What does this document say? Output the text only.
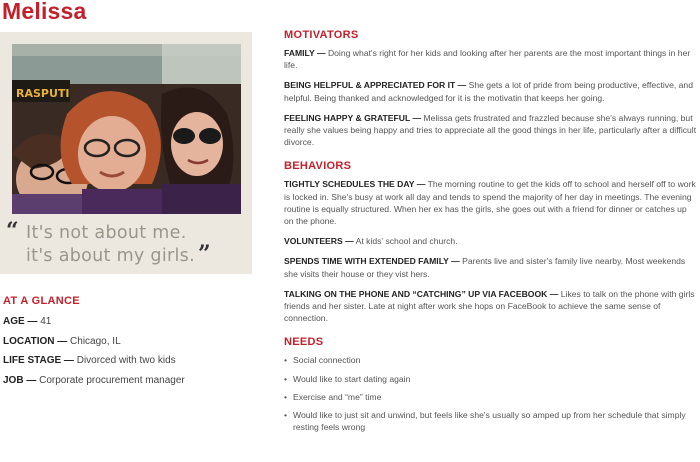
Melissa
RASPUTI
“ It's not about me.
it's about my girls. ”
AT A GLANCE
AGE — 41
LOCATION — Chicago, IL
LIFE STAGE — Divorced with two kids
JOB — Corporate procurement manager
MOTIVATORS
FAMILY — Doing what's right for her kids and looking after her parents are the most important things in her life.
BEING HELPFUL & APPRECIATED FOR IT — She gets a lot of pride from being productive, effective, and helpful. Being thanked and acknowledged for it is the motivatin that keeps her going.
FEELING HAPPY & GRATEFUL — Melissa gets frustrated and frazzled because she's always running, but really she values being happy and tries to appreciate all the good things in her life, particularly after a difficult divorce.
BEHAVIORS
TIGHTLY SCHEDULES THE DAY — The morning routine to get the kids off to school and herself off to work is locked in. She's busy at work all day and tends to spend the majority of her day in meetings. The evening routine is equally structured. When her ex has the girls, she goes out with a friend for dinner or catches up on the phone.
VOLUNTEERS — At kids' school and church.
SPENDS TIME WITH EXTENDED FAMILY — Parents live and sister's family live nearby. Most weekends she visits their house or they vist hers.
TALKING ON THE PHONE AND “CATCHING” UP VIA FACEBOOK — Likes to talk on the phone with girls friends and her sister. Late at night after work she hops on FaceBook to achieve the same sense of connection.
NEEDS
• Social connection
• Would like to start dating again
• Exercise and “me” time
• Would like to just sit and unwind, but feels like she's usually so amped up from her schedule that simply resting feels wrong
